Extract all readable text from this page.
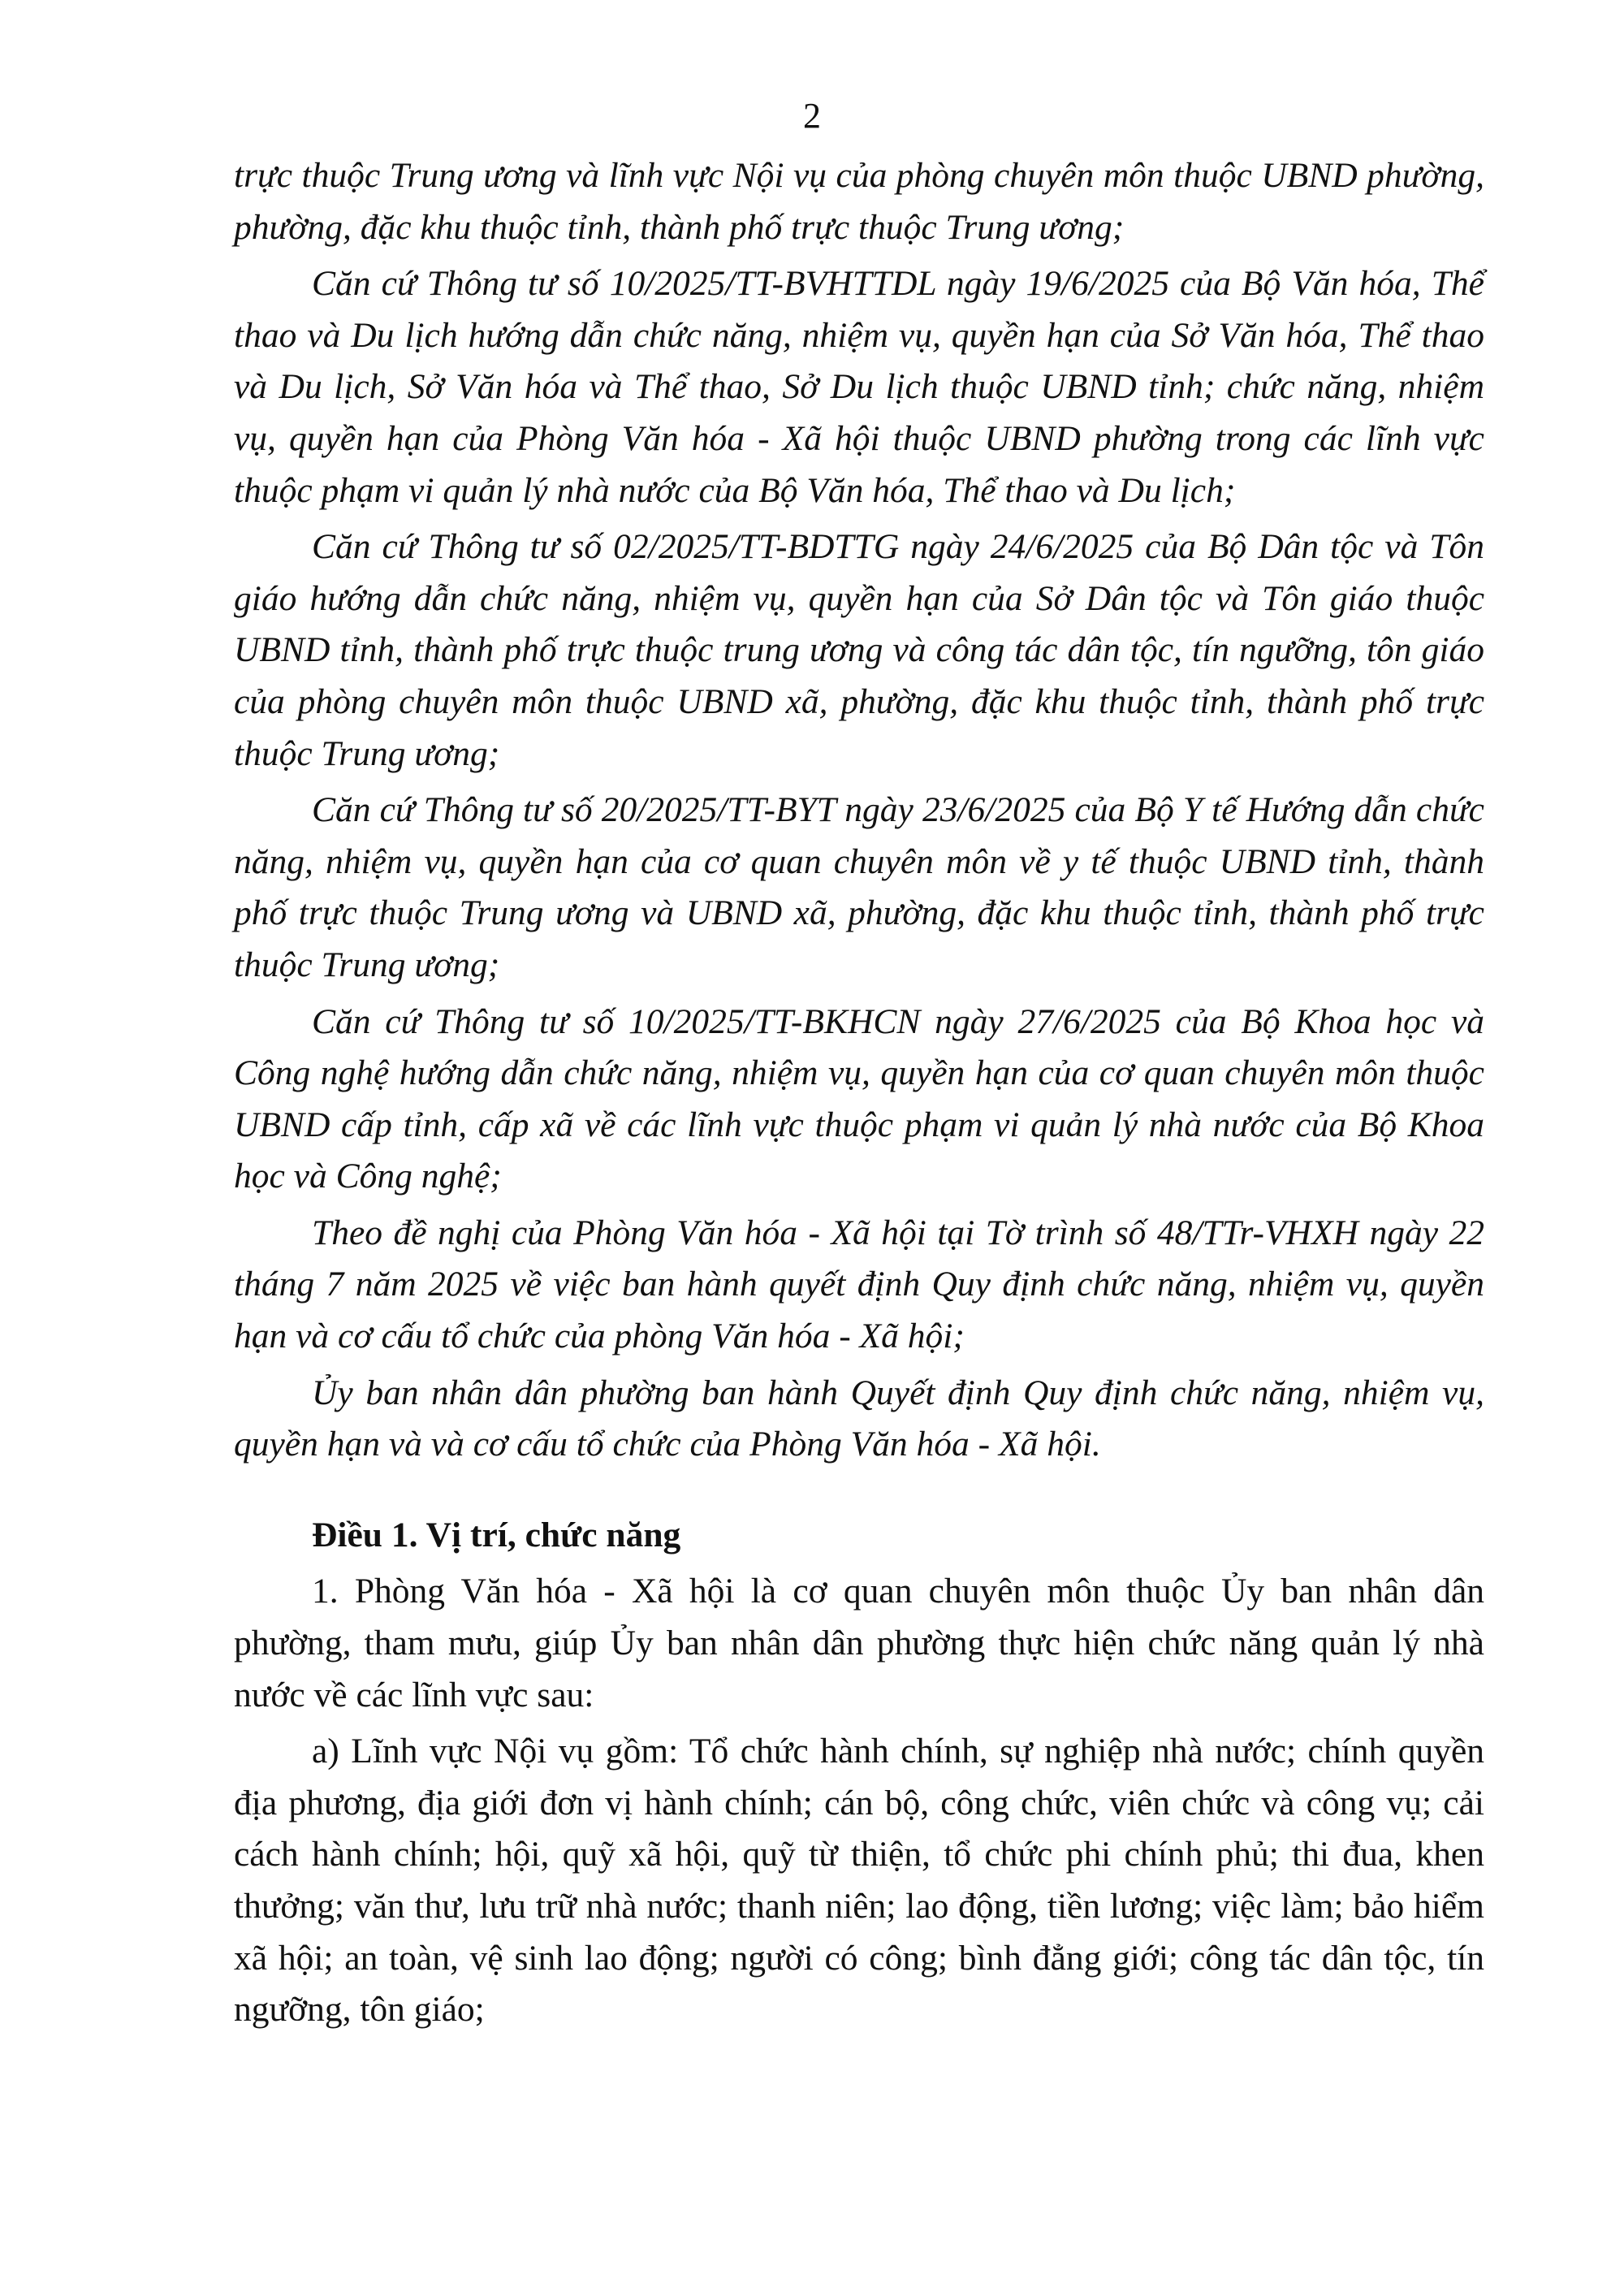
2

trực thuộc Trung ương và lĩnh vực Nội vụ của phòng chuyên môn thuộc UBND phường, phường, đặc khu thuộc tỉnh, thành phố trực thuộc Trung ương;

Căn cứ Thông tư số 10/2025/TT-BVHTTDL ngày 19/6/2025 của Bộ Văn hóa, Thể thao và Du lịch hướng dẫn chức năng, nhiệm vụ, quyền hạn của Sở Văn hóa, Thể thao và Du lịch, Sở Văn hóa và Thể thao, Sở Du lịch thuộc UBND tỉnh; chức năng, nhiệm vụ, quyền hạn của Phòng Văn hóa - Xã hội thuộc UBND phường trong các lĩnh vực thuộc phạm vi quản lý nhà nước của Bộ Văn hóa, Thể thao và Du lịch;

Căn cứ Thông tư số 02/2025/TT-BDTTG ngày 24/6/2025 của Bộ Dân tộc và Tôn giáo hướng dẫn chức năng, nhiệm vụ, quyền hạn của Sở Dân tộc và Tôn giáo thuộc UBND tỉnh, thành phố trực thuộc trung ương và công tác dân tộc, tín ngưỡng, tôn giáo của phòng chuyên môn thuộc UBND xã, phường, đặc khu thuộc tỉnh, thành phố trực thuộc Trung ương;

Căn cứ Thông tư số 20/2025/TT-BYT ngày 23/6/2025 của Bộ Y tế Hướng dẫn chức năng, nhiệm vụ, quyền hạn của cơ quan chuyên môn về y tế thuộc UBND tỉnh, thành phố trực thuộc Trung ương và UBND xã, phường, đặc khu thuộc tỉnh, thành phố trực thuộc Trung ương;

Căn cứ Thông tư số 10/2025/TT-BKHCN ngày 27/6/2025 của Bộ Khoa học và Công nghệ hướng dẫn chức năng, nhiệm vụ, quyền hạn của cơ quan chuyên môn thuộc UBND cấp tỉnh, cấp xã về các lĩnh vực thuộc phạm vi quản lý nhà nước của Bộ Khoa học và Công nghệ;

Theo đề nghị của Phòng Văn hóa - Xã hội tại Tờ trình số 48/TTr-VHXH ngày 22 tháng 7 năm 2025 về việc ban hành quyết định Quy định chức năng, nhiệm vụ, quyền hạn và cơ cấu tổ chức của phòng Văn hóa - Xã hội;

Ủy ban nhân dân phường ban hành Quyết định Quy định chức năng, nhiệm vụ, quyền hạn và và cơ cấu tổ chức của Phòng Văn hóa - Xã hội.

Điều 1. Vị trí, chức năng

1. Phòng Văn hóa - Xã hội là cơ quan chuyên môn thuộc Ủy ban nhân dân phường, tham mưu, giúp Ủy ban nhân dân phường thực hiện chức năng quản lý nhà nước về các lĩnh vực sau:

a) Lĩnh vực Nội vụ gồm: Tổ chức hành chính, sự nghiệp nhà nước; chính quyền địa phương, địa giới đơn vị hành chính; cán bộ, công chức, viên chức và công vụ; cải cách hành chính; hội, quỹ xã hội, quỹ từ thiện, tổ chức phi chính phủ; thi đua, khen thưởng; văn thư, lưu trữ nhà nước; thanh niên; lao động, tiền lương; việc làm; bảo hiểm xã hội; an toàn, vệ sinh lao động; người có công; bình đẳng giới; công tác dân tộc, tín ngưỡng, tôn giáo;
